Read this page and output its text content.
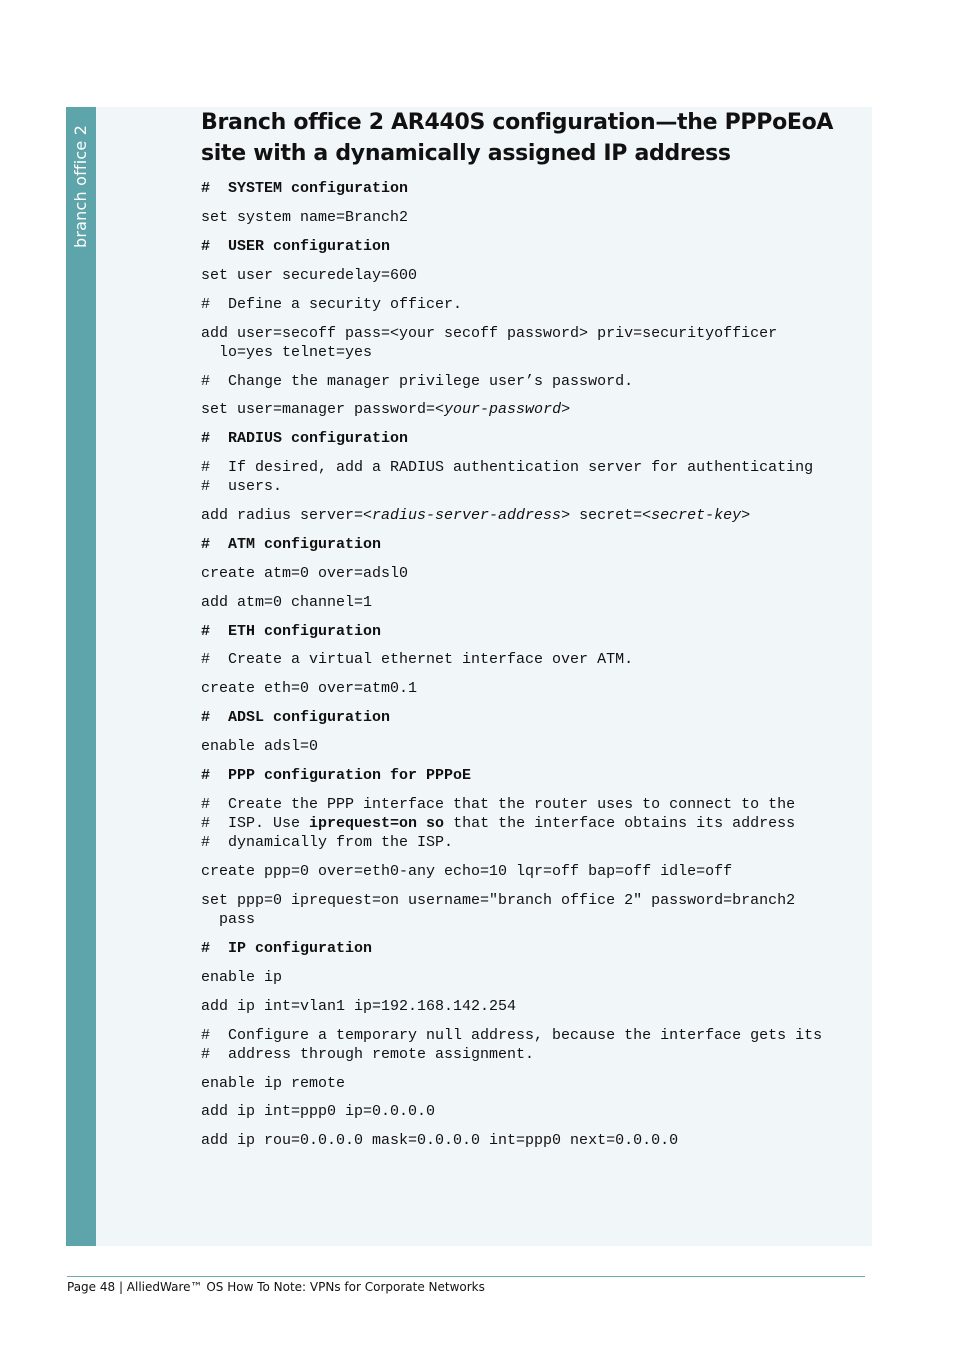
branch office 2
Branch office 2 AR440S configuration—the PPPoEoA
site with a dynamically assigned IP address
#  SYSTEM configuration
set system name=Branch2
#  USER configuration
set user securedelay=600
#  Define a security officer.
add user=secoff pass=<your secoff password> priv=securityofficer
lo=yes telnet=yes
#  Change the manager privilege user’s password.
set user=manager password=<your-password>
#  RADIUS configuration
#  If desired, add a RADIUS authentication server for authenticating
#  users.
add radius server=<radius-server-address> secret=<secret-key>
#  ATM configuration
create atm=0 over=adsl0
add atm=0 channel=1
#  ETH configuration
#  Create a virtual ethernet interface over ATM.
create eth=0 over=atm0.1
#  ADSL configuration
enable adsl=0
#  PPP configuration for PPPoE
#  Create the PPP interface that the router uses to connect to the
#  ISP. Use iprequest=on so that the interface obtains its address
#  dynamically from the ISP.
create ppp=0 over=eth0-any echo=10 lqr=off bap=off idle=off
set ppp=0 iprequest=on username="branch office 2" password=branch2
pass
#  IP configuration
enable ip
add ip int=vlan1 ip=192.168.142.254
#  Configure a temporary null address, because the interface gets its
#  address through remote assignment.
enable ip remote
add ip int=ppp0 ip=0.0.0.0
add ip rou=0.0.0.0 mask=0.0.0.0 int=ppp0 next=0.0.0.0
Page 48 | AlliedWare™ OS How To Note: VPNs for Corporate Networks
